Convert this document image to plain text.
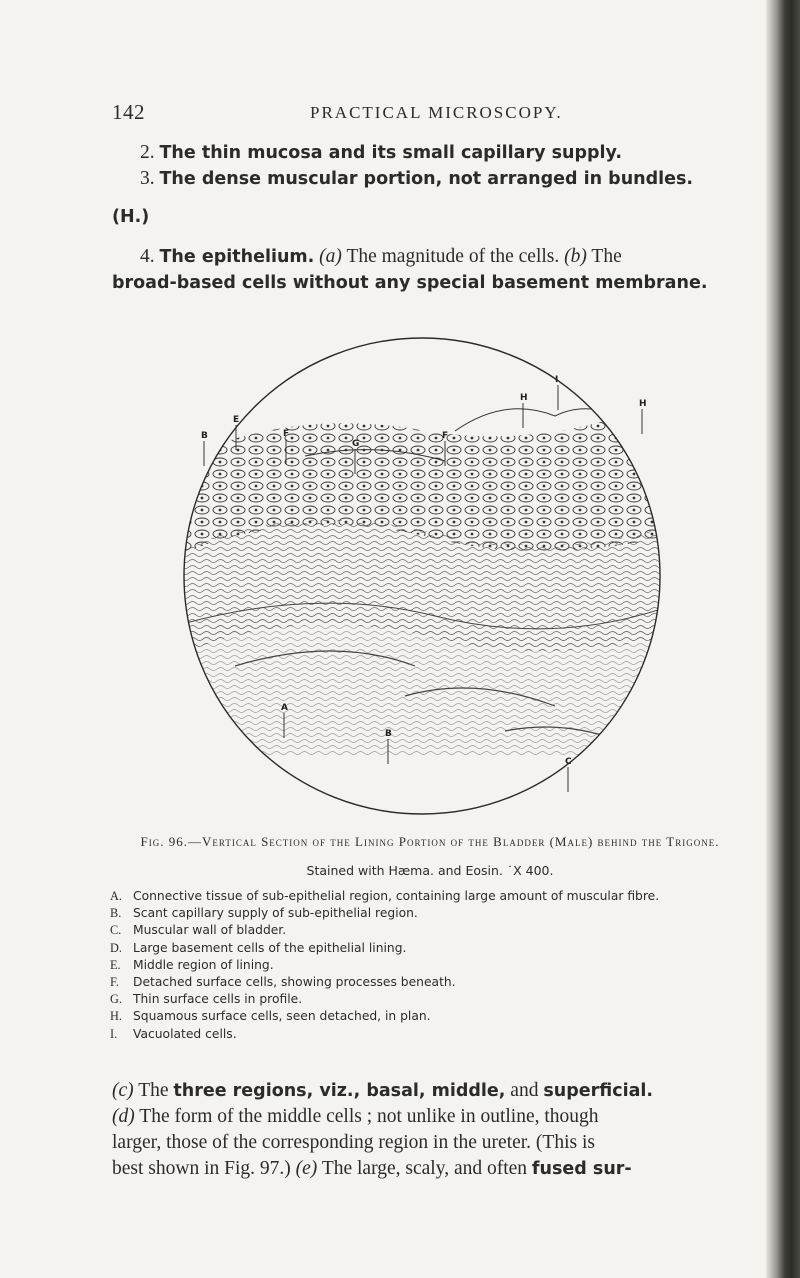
142	PRACTICAL MICROSCOPY.

2. The thin mucosa and its small capillary supply.

3. The dense muscular portion, not arranged in bundles.

(H.)

4. The epithelium. (a) The magnitude of the cells. (b) The

broad-based cells without any special basement membrane.

I
H
H
E
F
G
F
B
A
B
C
Fig. 96.—Vertical Section of the Lining Portion of the Bladder (Male) behind the Trigone.
Stained with Hæma. and Eosin. ˙X 400.
A. Connective tissue of sub-epithelial region, containing large amount of muscular fibre.
B. Scant capillary supply of sub-epithelial region.
C. Muscular wall of bladder.
D. Large basement cells of the epithelial lining.
E.	Middle region of lining.
F.	Detached surface cells, showing processes beneath.
G. Thin surface cells in profile.
H. Squamous surface cells, seen detached, in plan.
I.	Vacuolated cells.

(c) The three regions, viz., basal, middle, and superficial.

(d) The form of the middle cells ; not unlike in outline, though

larger, those of the corresponding region in the ureter. (This is

best shown in Fig. 97.) (e) The large, scaly, and often fused sur-
